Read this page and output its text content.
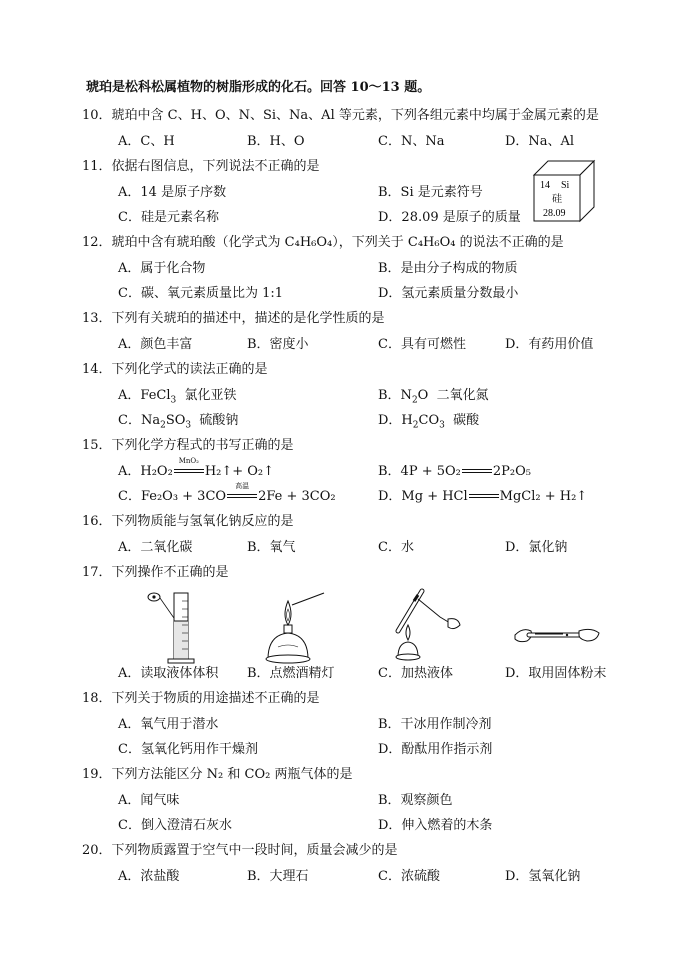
琥珀是松科松属植物的树脂形成的化石。回答 10～13 题。
10．琥珀中含 C、H、O、N、Si、Na、Al 等元素，下列各组元素中均属于金属元素的是
A．C、H	B．H、O	C．N、Na	D．Na、Al
11．依据右图信息，下列说法不正确的是
A．14 是原子序数	B．Si 是元素符号
C．硅是元素名称	D．28.09 是原子的质量
14 Si
硅
28.09
12．琥珀中含有琥珀酸（化学式为 C₄H₆O₄），下列关于 C₄H₆O₄ 的说法不正确的是
A．属于化合物	B．是由分子构成的物质
C．碳、氧元素质量比为 1:1	D．氢元素质量分数最小
13．下列有关琥珀的描述中，描述的是化学性质的是
A．颜色丰富	B．密度小	C．具有可燃性	D．有药用价值
14．下列化学式的读法正确的是
A．FeCl$_3$  氯化亚铁	B．$N_2O$  二氧化氮
C．$Na_2SO_3$  硫酸钠	D．$H_2CO_3$  碳酸
15．下列化学方程式的书写正确的是
A．H₂O₂
MnO₂
H₂↑+ O₂↑	B．4P + 5O₂ 2P₂O₅
C．Fe₂O₃ + 3CO
高温
2Fe + 3CO₂	D．Mg + HCl MgCl₂ + H₂↑
16．下列物质能与氢氧化钠反应的是
A．二氧化碳	B．氧气	C．水	D．氯化钠
17．下列操作不正确的是
A．读取液体体积 B．点燃酒精灯	C．加热液体	D．取用固体粉末
18．下列关于物质的用途描述不正确的是
A．氧气用于潜水	B．干冰用作制冷剂
C．氢氧化钙用作干燥剂	D．酚酞用作指示剂
19．下列方法能区分 N₂ 和 CO₂ 两瓶气体的是
A．闻气味	B．观察颜色
C．倒入澄清石灰水	D．伸入燃着的木条
20．下列物质露置于空气中一段时间，质量会减少的是
A．浓盐酸	B．大理石	C．浓硫酸	D．氢氧化钠
